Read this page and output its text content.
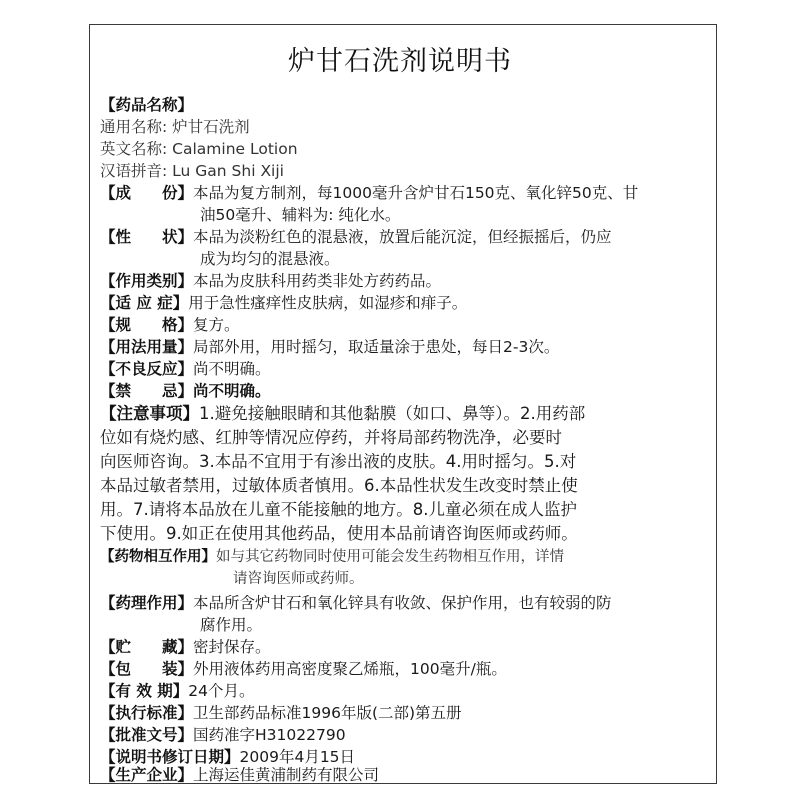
炉甘石洗剂说明书
【药品名称】
通用名称: 炉甘石洗剂
英文名称: Calamine Lotion
汉语拼音: Lu Gan Shi Xiji
【成　　份】本品为复方制剂，每1000毫升含炉甘石150克、氧化锌50克、甘
油50毫升、辅料为: 纯化水。
【性　　状】本品为淡粉红色的混悬液，放置后能沉淀，但经振摇后，仍应
成为均匀的混悬液。
【作用类别】本品为皮肤科用药类非处方药药品。
【适 应 症】用于急性瘙痒性皮肤病，如湿疹和痱子。
【规　　格】复方。
【用法用量】局部外用，用时摇匀，取适量涂于患处，每日2-3次。
【不良反应】尚不明确。
【禁　　忌】尚不明确。
【注意事项】1.避免接触眼睛和其他黏膜（如口、鼻等）。2.用药部
位如有烧灼感、红肿等情况应停药，并将局部药物洗净，必要时
向医师咨询。3.本品不宜用于有渗出液的皮肤。4.用时摇匀。5.对
本品过敏者禁用，过敏体质者慎用。6.本品性状发生改变时禁止使
用。7.请将本品放在儿童不能接触的地方。8.儿童必须在成人监护
下使用。9.如正在使用其他药品，使用本品前请咨询医师或药师。
【药物相互作用】如与其它药物同时使用可能会发生药物相互作用，详情
请咨询医师或药师。
【药理作用】本品所含炉甘石和氧化锌具有收敛、保护作用，也有较弱的防
腐作用。
【贮　　藏】密封保存。
【包　　装】外用液体药用高密度聚乙烯瓶，100毫升/瓶。
【有 效 期】24个月。
【执行标准】卫生部药品标准1996年版(二部)第五册
【批准文号】国药准字H31022790
【说明书修订日期】2009年4月15日
【生产企业】上海运佳黄浦制药有限公司
